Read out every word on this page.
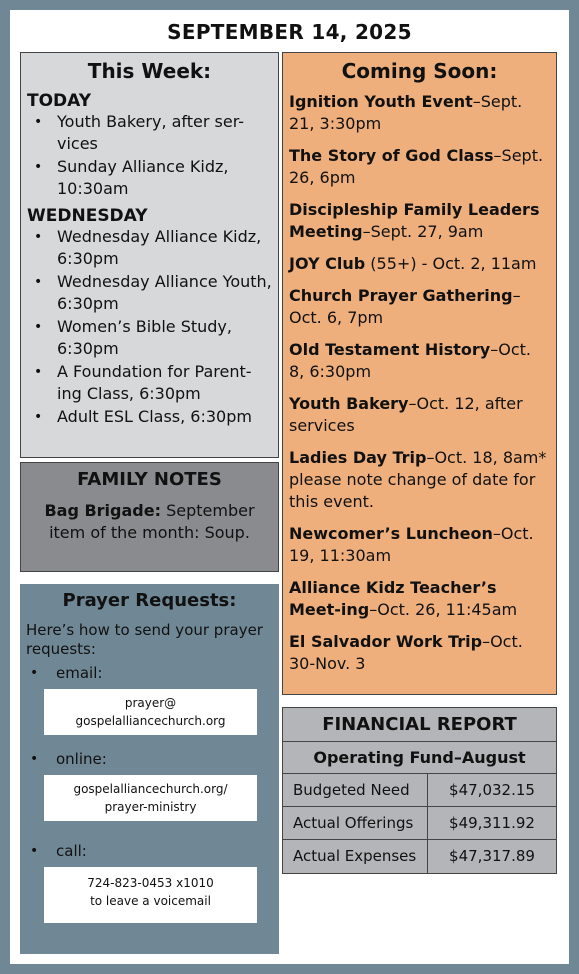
SEPTEMBER 14, 2025
This Week:
TODAY
• Youth Bakery, after ser-vices
• Sunday Alliance Kidz, 10:30am
WEDNESDAY
• Wednesday Alliance Kidz, 6:30pm
• Wednesday Alliance Youth, 6:30pm
• Women’s Bible Study, 6:30pm
• A Foundation for Parent-ing Class, 6:30pm
• Adult ESL Class, 6:30pm
FAMILY NOTES
Bag Brigade: September item of the month: Soup.
Prayer Requests:
Here’s how to send your prayer requests:
• email:
prayer@
gospelalliancechurch.org
• online:
gospelalliancechurch.org/
prayer-ministry
• call:
724-823-0453 x1010
to leave a voicemail
Coming Soon:
Ignition Youth Event–Sept. 21, 3:30pm
The Story of God Class–Sept. 26, 6pm
Discipleship Family Leaders Meeting–Sept. 27, 9am
JOY Club (55+) - Oct. 2, 11am
Church Prayer Gathering– Oct. 6, 7pm
Old Testament History–Oct. 8, 6:30pm
Youth Bakery–Oct. 12, after services
Ladies Day Trip–Oct. 18, 8am* please note change of date for this event.
Newcomer’s Luncheon–Oct. 19, 11:30am
Alliance Kidz Teacher’s Meet-ing–Oct. 26, 11:45am
El Salvador Work Trip–Oct. 30-Nov. 3
FINANCIAL REPORT
Operating Fund–August
Budgeted Need	$47,032.15
Actual Offerings	$49,311.92
Actual Expenses	$47,317.89
